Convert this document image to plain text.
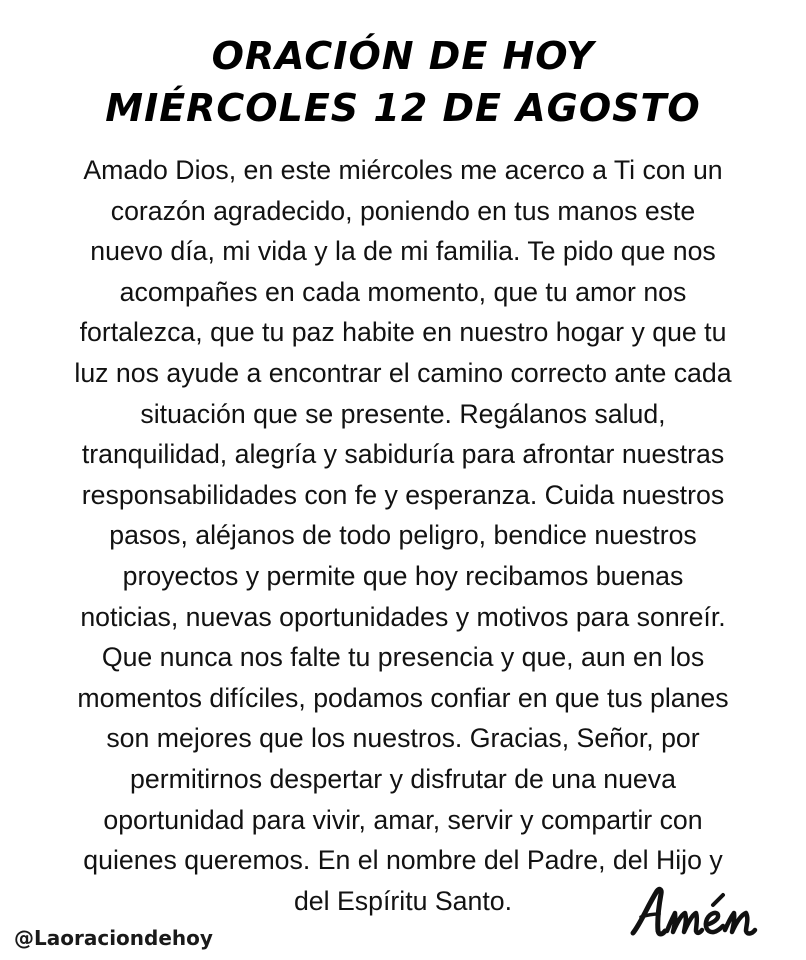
ORACIÓN DE HOY
MIÉRCOLES 12 DE AGOSTO

Amado Dios, en este miércoles me acerco a Ti con un
corazón agradecido, poniendo en tus manos este
nuevo día, mi vida y la de mi familia. Te pido que nos
acompañes en cada momento, que tu amor nos
fortalezca, que tu paz habite en nuestro hogar y que tu
luz nos ayude a encontrar el camino correcto ante cada
situación que se presente. Regálanos salud,
tranquilidad, alegría y sabiduría para afrontar nuestras
responsabilidades con fe y esperanza. Cuida nuestros
pasos, aléjanos de todo peligro, bendice nuestros
proyectos y permite que hoy recibamos buenas
noticias, nuevas oportunidades y motivos para sonreír.
Que nunca nos falte tu presencia y que, aun en los
momentos difíciles, podamos confiar en que tus planes
son mejores que los nuestros. Gracias, Señor, por
permitirnos despertar y disfrutar de una nueva
oportunidad para vivir, amar, servir y compartir con
quienes queremos. En el nombre del Padre, del Hijo y
del Espíritu Santo.

@Laoraciondehoy
